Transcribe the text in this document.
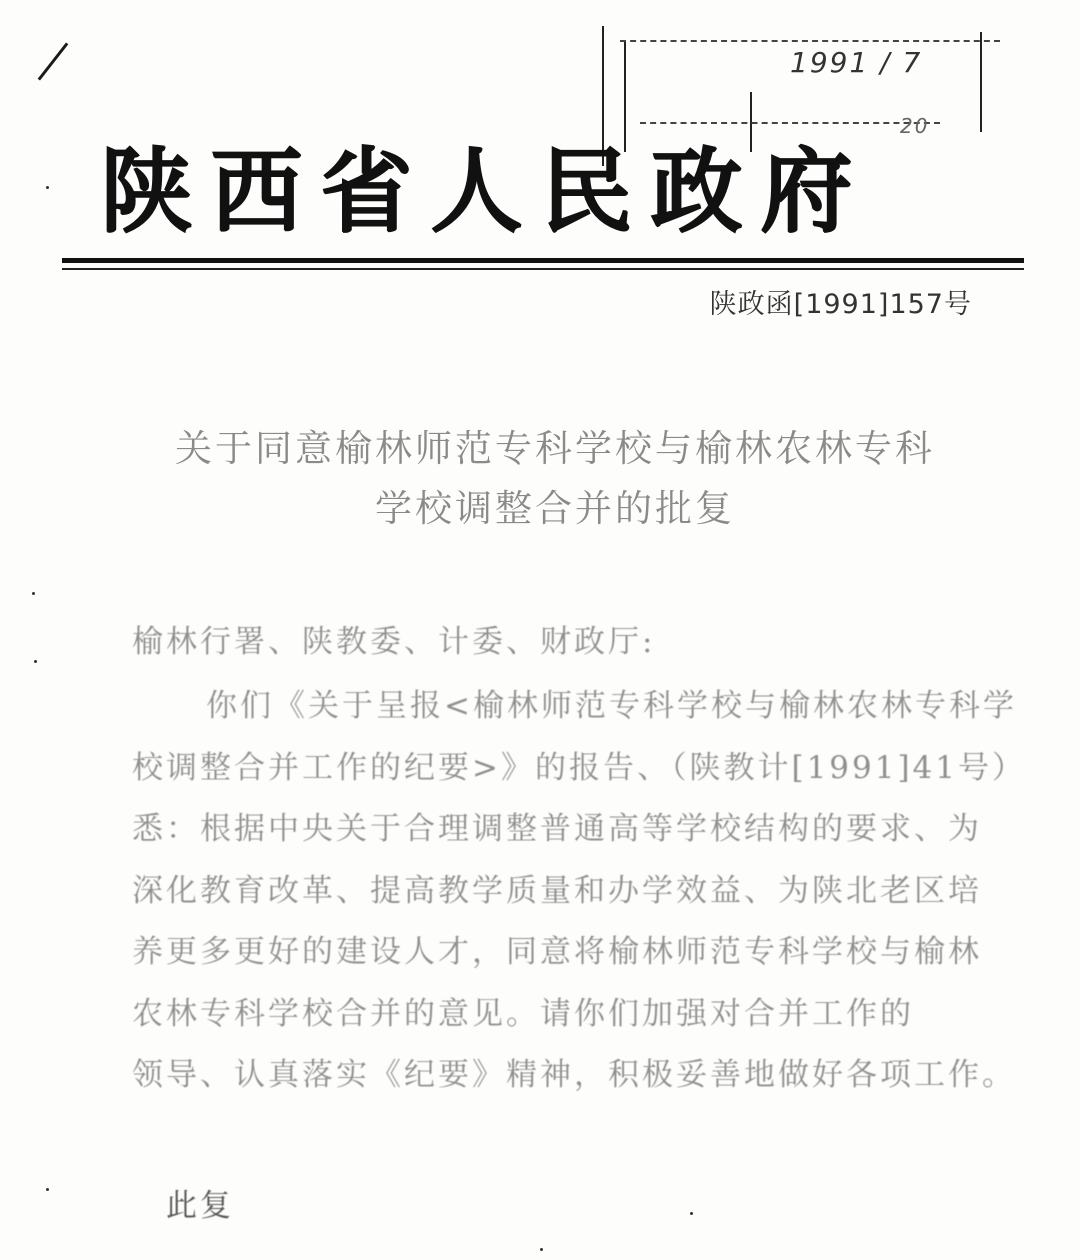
1991 / 7
20
陕西省人民政府
陕政函[1991]157号
关于同意榆林师范专科学校与榆林农林专科
学校调整合并的批复
榆林行署、陕教委、计委、财政厅:
你们《关于呈报<榆林师范专科学校与榆林农林专科学
校调整合并工作的纪要>》的报告、（陕教计[1991]41号）
悉：根据中央关于合理调整普通高等学校结构的要求、为
深化教育改革、提高教学质量和办学效益、为陕北老区培
养更多更好的建设人才，同意将榆林师范专科学校与榆林
农林专科学校合并的意见。请你们加强对合并工作的
领导、认真落实《纪要》精神，积极妥善地做好各项工作。
此复
